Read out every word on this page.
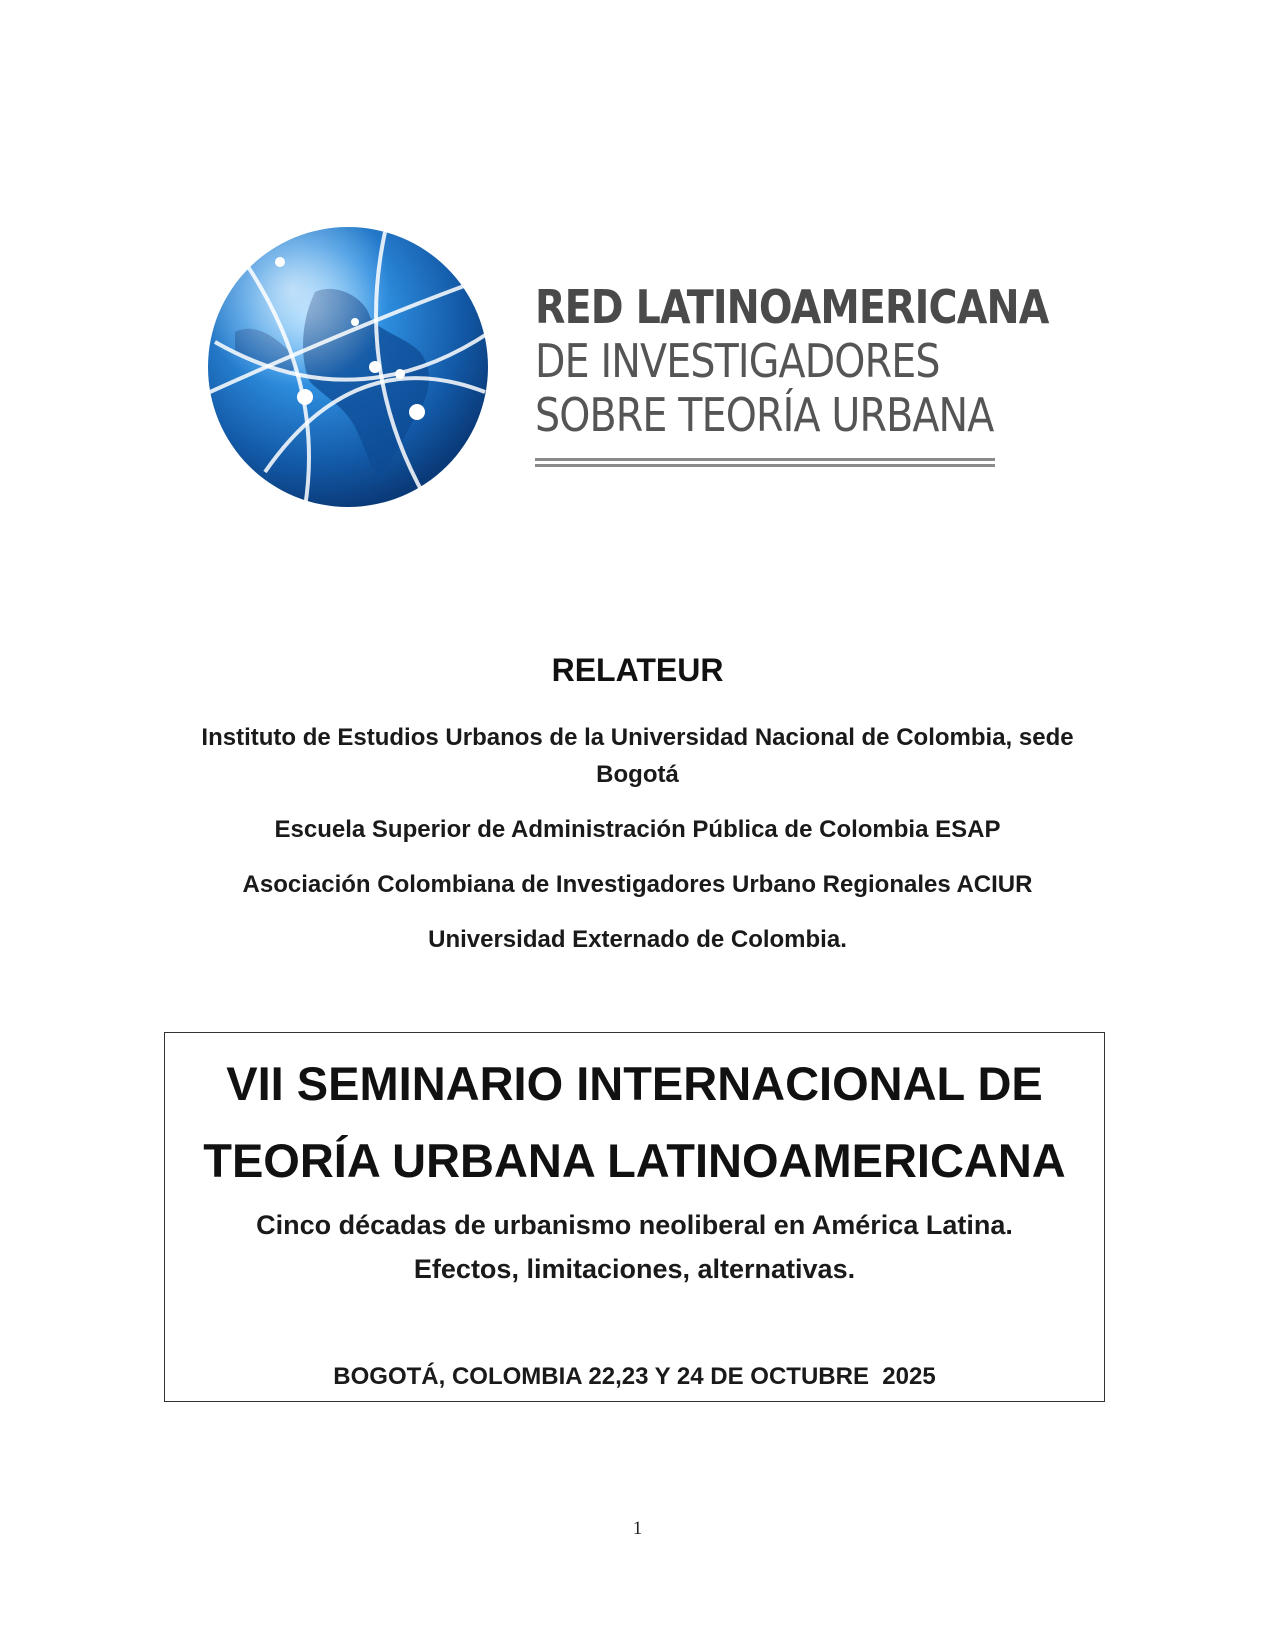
RED LATINOAMERICANA
DE INVESTIGADORES
SOBRE TEORÍA URBANA
RELATEUR
Instituto de Estudios Urbanos de la Universidad Nacional de Colombia, sede Bogotá
Escuela Superior de Administración Pública de Colombia ESAP
Asociación Colombiana de Investigadores Urbano Regionales ACIUR
Universidad Externado de Colombia.
VII SEMINARIO INTERNACIONAL DE
TEORÍA URBANA LATINOAMERICANA
Cinco décadas de urbanismo neoliberal en América Latina.
Efectos, limitaciones, alternativas.
BOGOTÁ, COLOMBIA 22,23 Y 24 DE OCTUBRE  2025
1
